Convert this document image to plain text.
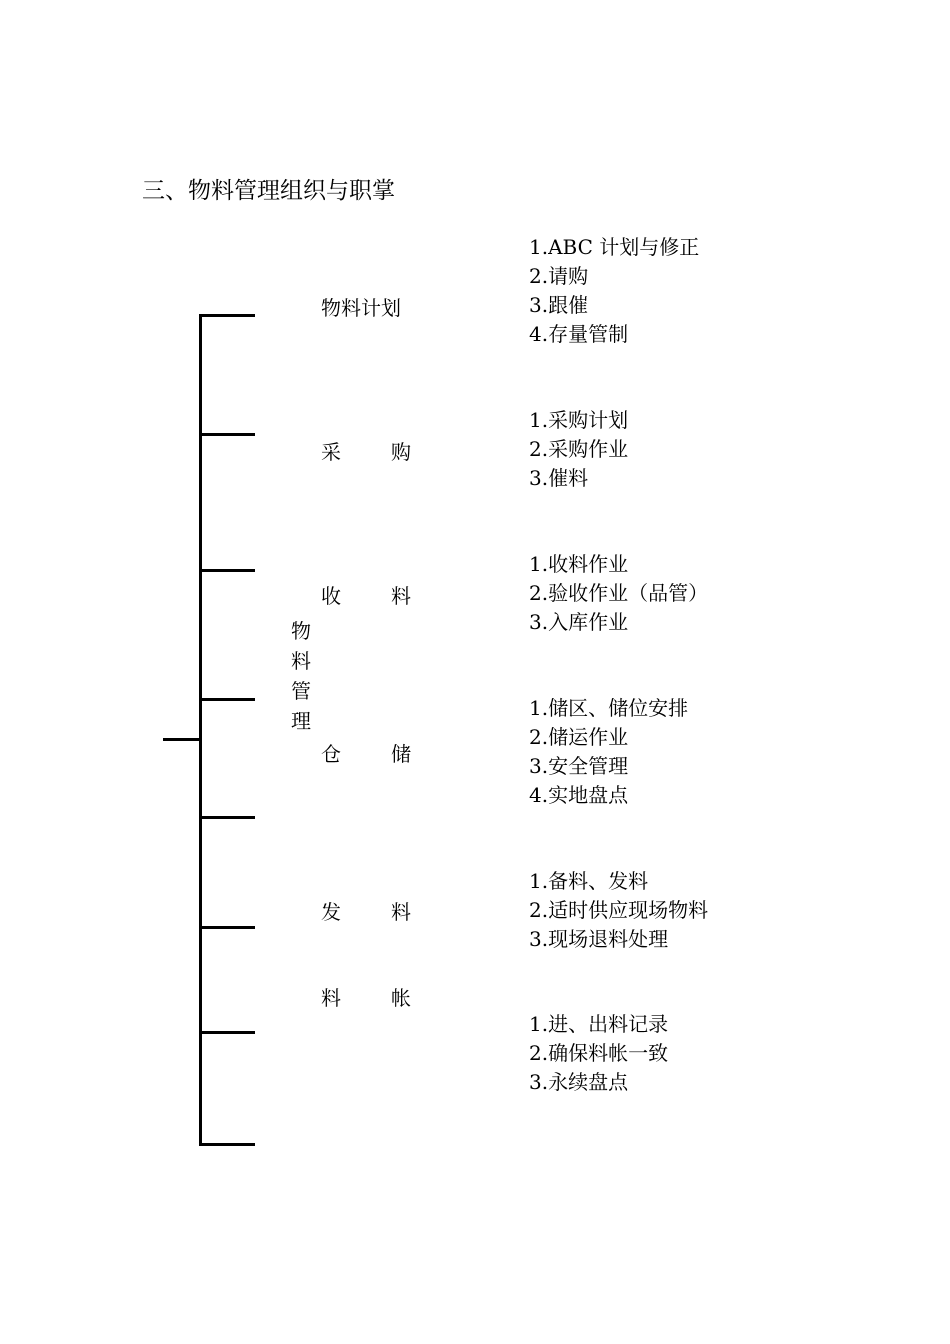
三、物料管理组织与职掌
物
料
管
理
物料计划
采	购
收	料
仓	储
发	料
料	帐
1.ABC 计划与修正
2.请购
3.跟催
4.存量管制
1.采购计划
2.采购作业
3.催料
1.收料作业
2.验收作业（品管）
3.入库作业
1.储区、储位安排
2.储运作业
3.安全管理
4.实地盘点
1.备料、发料
2.适时供应现场物料
3.现场退料处理
1.进、出料记录
2.确保料帐一致
3.永续盘点
